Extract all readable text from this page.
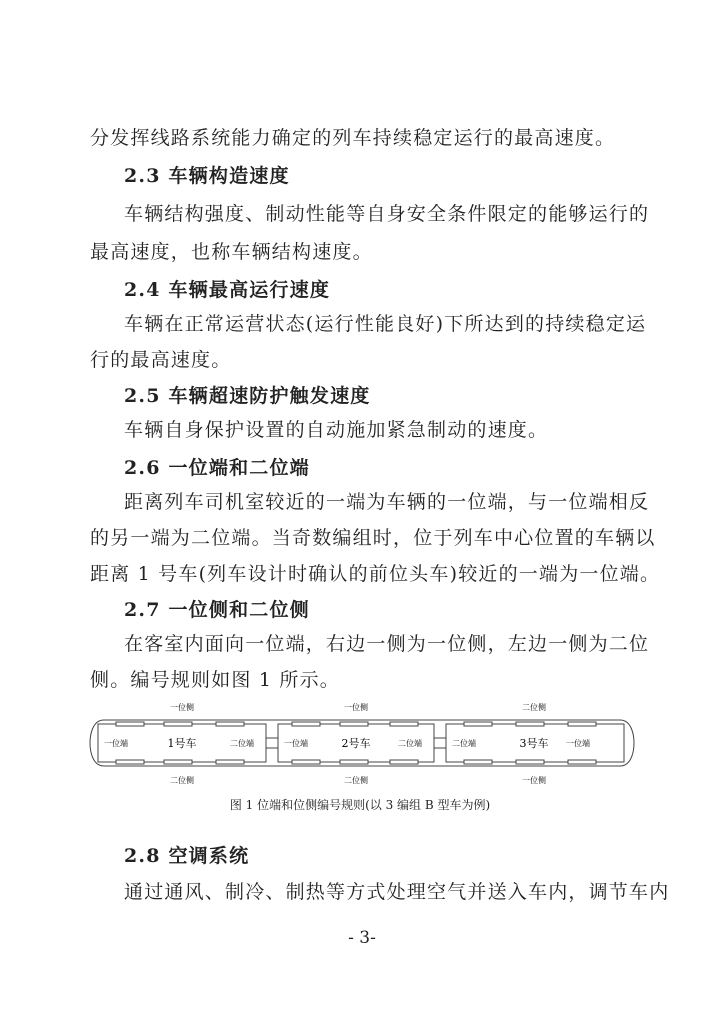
分发挥线路系统能力确定的列车持续稳定运行的最高速度。
2.3 车辆构造速度
车辆结构强度、制动性能等自身安全条件限定的能够运行的
最高速度，也称车辆结构速度。
2.4 车辆最高运行速度
车辆在正常运营状态(运行性能良好)下所达到的持续稳定运
行的最高速度。
2.5 车辆超速防护触发速度
车辆自身保护设置的自动施加紧急制动的速度。
2.6 一位端和二位端
距离列车司机室较近的一端为车辆的一位端，与一位端相反
的另一端为二位端。当奇数编组时，位于列车中心位置的车辆以
距离 1 号车(列车设计时确认的前位头车)较近的一端为一位端。
2.7 一位侧和二位侧
在客室内面向一位端，右边一侧为一位侧，左边一侧为二位
侧。编号规则如图 1 所示。
一位侧
二位侧
一位端	二位端
1号车
一位侧
二位侧
一位端	二位端
2号车
二位侧
一位侧
二位端	一位端
3号车
图 1 位端和位侧编号规则(以 3 编组 B 型车为例)
2.8 空调系统
通过通风、制冷、制热等方式处理空气并送入车内，调节车内
- 3-
